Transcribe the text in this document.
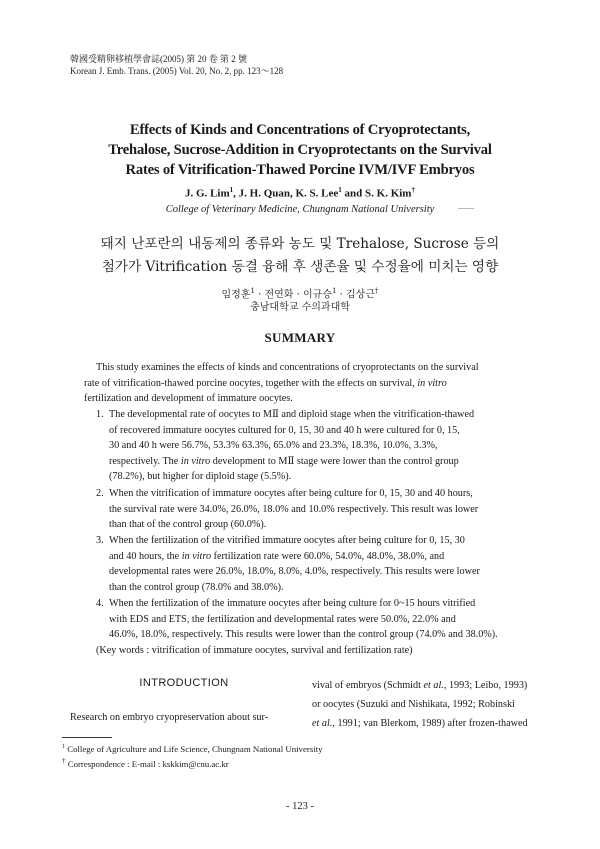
韓國受精卵移植學會誌(2005) 第 20 卷 第 2 號
Korean J. Emb. Trans. (2005) Vol. 20, No. 2, pp. 123～128
Effects of Kinds and Concentrations of Cryoprotectants,
Trehalose, Sucrose-Addition in Cryoprotectants on the Survival
Rates of Vitrification-Thawed Porcine IVM/IVF Embryos
J. G. Lim$^1$, J. H. Quan, K. S. Lee$^1$ and S. K. Kim†
College of Veterinary Medicine, Chungnam National University
돼지 난포란의 내동제의 종류와 농도 및 Trehalose, Sucrose 등의
첨가가 Vitrification 동결 융해 후 생존율 및 수정율에 미치는 영향
임정훈$^1$ · 전연화 · 이규승$^1$ · 김상근†
충남대학교 수의과대학
SUMMARY
This study examines the effects of kinds and concentrations of cryoprotectants on the survival
rate of vitrification-thawed porcine oocytes, together with the effects on survival, in vitro
fertilization and development of immature oocytes.
1. The developmental rate of oocytes to MⅡ and diploid stage when the vitrification-thawed
of recovered immature oocytes cultured for 0, 15, 30 and 40 h were cultured for 0, 15,
30 and 40 h were 56.7%, 53.3% 63.3%, 65.0% and 23.3%, 18.3%, 10.0%, 3.3%,
respectively. The in vitro development to MⅡ stage were lower than the control group
(78.2%), but higher for diploid stage (5.5%).
2. When the vitrification of immature oocytes after being culture for 0, 15, 30 and 40 hours,
the survival rate were 34.0%, 26.0%, 18.0% and 10.0% respectively. This result was lower
than that of the control group (60.0%).
3. When the fertilization of the vitrified immature oocytes after being culture for 0, 15, 30
and 40 hours, the in vitro fertilization rate were 60.0%, 54.0%, 48.0%, 38.0%, and
developmental rates were 26.0%, 18.0%, 8.0%, 4.0%, respectively. This results were lower
than the control group (78.0% and 38.0%).
4. When the fertilization of the immature oocytes after being culture for 0~15 hours vitrified
with EDS and ETS, the fertilization and developmental rates were 50.0%, 22.0% and
46.0%, 18.0%, respectively. This results were lower than the control group (74.0% and 38.0%).
(Key words : vitrification of immature oocytes, survival and fertilization rate)
INTRODUCTION
Research on embryo cryopreservation about sur-
vival of embryos (Schmidt et al., 1993; Leibo, 1993)
or oocytes (Suzuki and Nishikata, 1992; Robinski
et al., 1991; van Blerkom, 1989) after frozen-thawed
$^1$ College of Agriculture and Life Science, Chungnam National University
† Correspondence : E-mail : kskkim@cnu.ac.kr
- 123 -
